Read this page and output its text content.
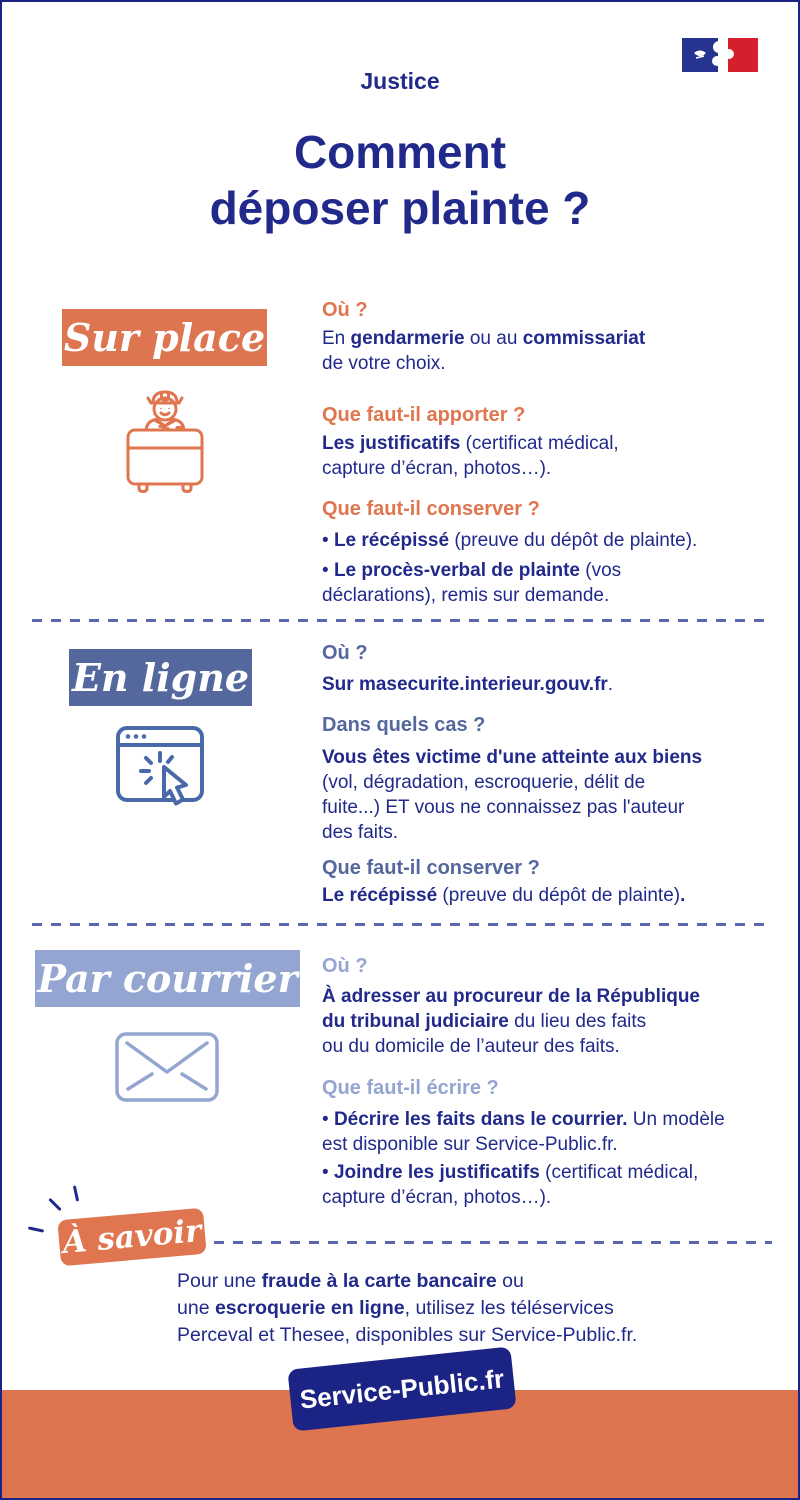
Justice
Comment
déposer plainte ?
Sur place
Où ?
En gendarmerie ou au commissariat
de votre choix.
Que faut-il apporter ?
Les justificatifs (certificat médical,
capture d’écran, photos…).
Que faut-il conserver ?
• Le récépissé (preuve du dépôt de plainte).
• Le procès-verbal de plainte (vos
déclarations), remis sur demande.
En ligne
Où ?
Sur masecurite.interieur.gouv.fr.
Dans quels cas ?
Vous êtes victime d'une atteinte aux biens
(vol, dégradation, escroquerie, délit de
fuite...) ET vous ne connaissez pas l'auteur
des faits.
Que faut-il conserver ?
Le récépissé (preuve du dépôt de plainte).
Par courrier Où ?
À adresser au procureur de la République
du tribunal judiciaire du lieu des faits
ou du domicile de l’auteur des faits.
Que faut-il écrire ?
• Décrire les faits dans le courrier. Un modèle
est disponible sur Service-Public.fr.
• Joindre les justificatifs (certificat médical,
capture d’écran, photos…).
À savoir
Pour une fraude à la carte bancaire ou
une escroquerie en ligne, utilisez les téléservices
Perceval et Thesee, disponibles sur Service-Public.fr.
Service-Public.fr
